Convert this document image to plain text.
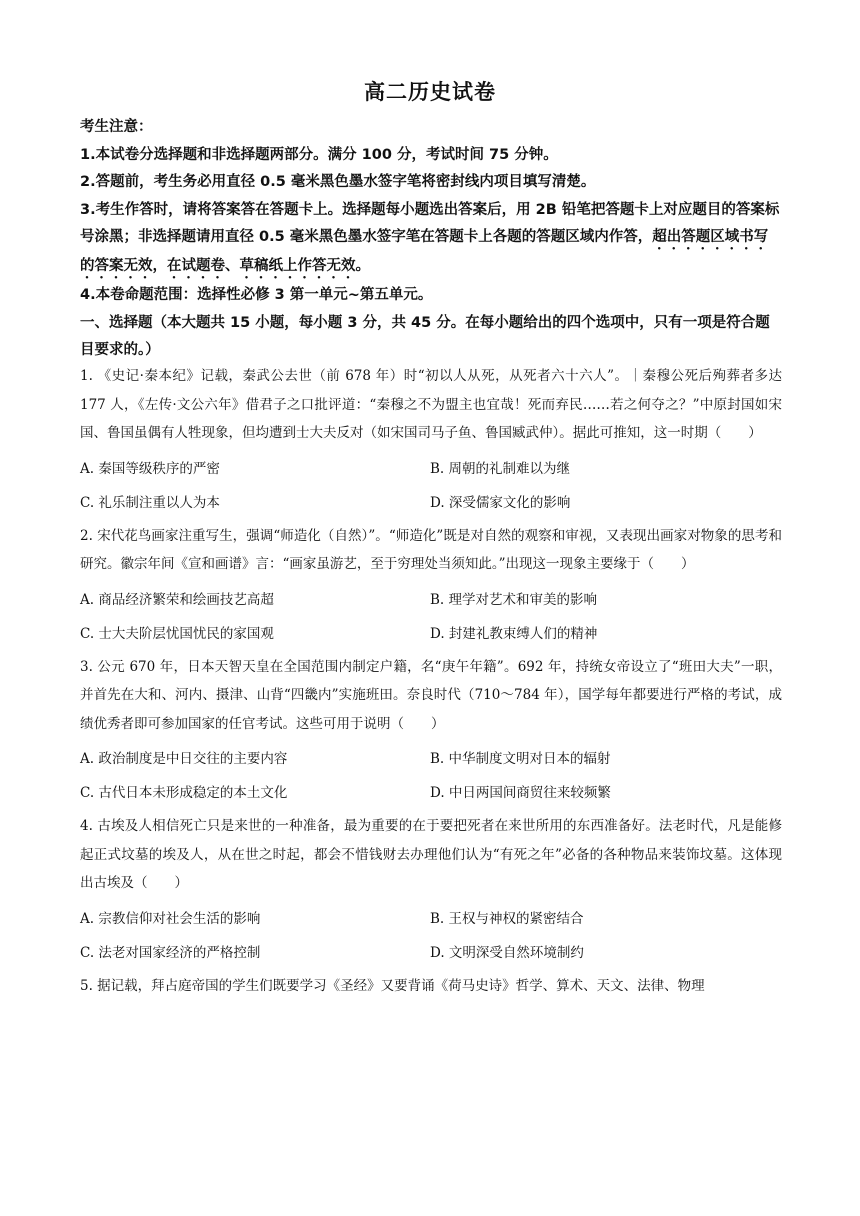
高二历史试卷

考生注意：

1.本试卷分选择题和非选择题两部分。满分 100 分，考试时间 75 分钟。

2.答题前，考生务必用直径 0.5 毫米黑色墨水签字笔将密封线内项目填写清楚。

3.考生作答时，请将答案答在答题卡上。选择题每小题选出答案后，用 2B 铅笔把答题卡上对应题目的答案标号涂黑；非选择题请用直径 0.5 毫米黑色墨水签字笔在答题卡上各题的答题区域内作答，超出答题区域书写的答案无效，在试题卷、草稿纸上作答无效。

4.本卷命题范围：选择性必修 3 第一单元~第五单元。

一、选择题（本大题共 15 小题，每小题 3 分，共 45 分。在每小题给出的四个选项中，只有一项是符合题目要求的。）

1. 《史记·秦本纪》记载，秦武公去世（前 678 年）时“初以人从死，从死者六十六人”。｜秦穆公死后殉葬者多达 177 人，《左传·文公六年》借君子之口批评道：“秦穆之不为盟主也宜哉！死而弃民……若之何夺之？”中原封国如宋国、鲁国虽偶有人牲现象，但均遭到士大夫反对（如宋国司马子鱼、鲁国臧武仲）。据此可推知，这一时期（　　）

A. 秦国等级秩序的严密	B. 周朝的礼制难以为继
C. 礼乐制注重以人为本	D. 深受儒家文化的影响

2. 宋代花鸟画家注重写生，强调“师造化（自然）”。“师造化”既是对自然的观察和审视，又表现出画家对物象的思考和研究。徽宗年间《宣和画谱》言：“画家虽游艺，至于穷理处当须知此。”出现这一现象主要缘于（　　）

A. 商品经济繁荣和绘画技艺高超	B. 理学对艺术和审美的影响
C. 士大夫阶层忧国忧民的家国观	D. 封建礼教束缚人们的精神

3. 公元 670 年，日本天智天皇在全国范围内制定户籍，名“庚午年籍”。692 年，持统女帝设立了“班田大夫”一职，并首先在大和、河内、摄津、山背“四畿内”实施班田。奈良时代（710～784 年），国学每年都要进行严格的考试，成绩优秀者即可参加国家的任官考试。这些可用于说明（　　）

A. 政治制度是中日交往的主要内容	B. 中华制度文明对日本的辐射
C. 古代日本未形成稳定的本土文化	D. 中日两国间商贸往来较频繁

4. 古埃及人相信死亡只是来世的一种准备，最为重要的在于要把死者在来世所用的东西准备好。法老时代，凡是能修起正式坟墓的埃及人，从在世之时起，都会不惜钱财去办理他们认为“有死之年”必备的各种物品来装饰坟墓。这体现出古埃及（　　）

A. 宗教信仰对社会生活的影响	B. 王权与神权的紧密结合
C. 法老对国家经济的严格控制	D. 文明深受自然环境制约

5. 据记载，拜占庭帝国的学生们既要学习《圣经》又要背诵《荷马史诗》哲学、算术、天文、法律、物理
